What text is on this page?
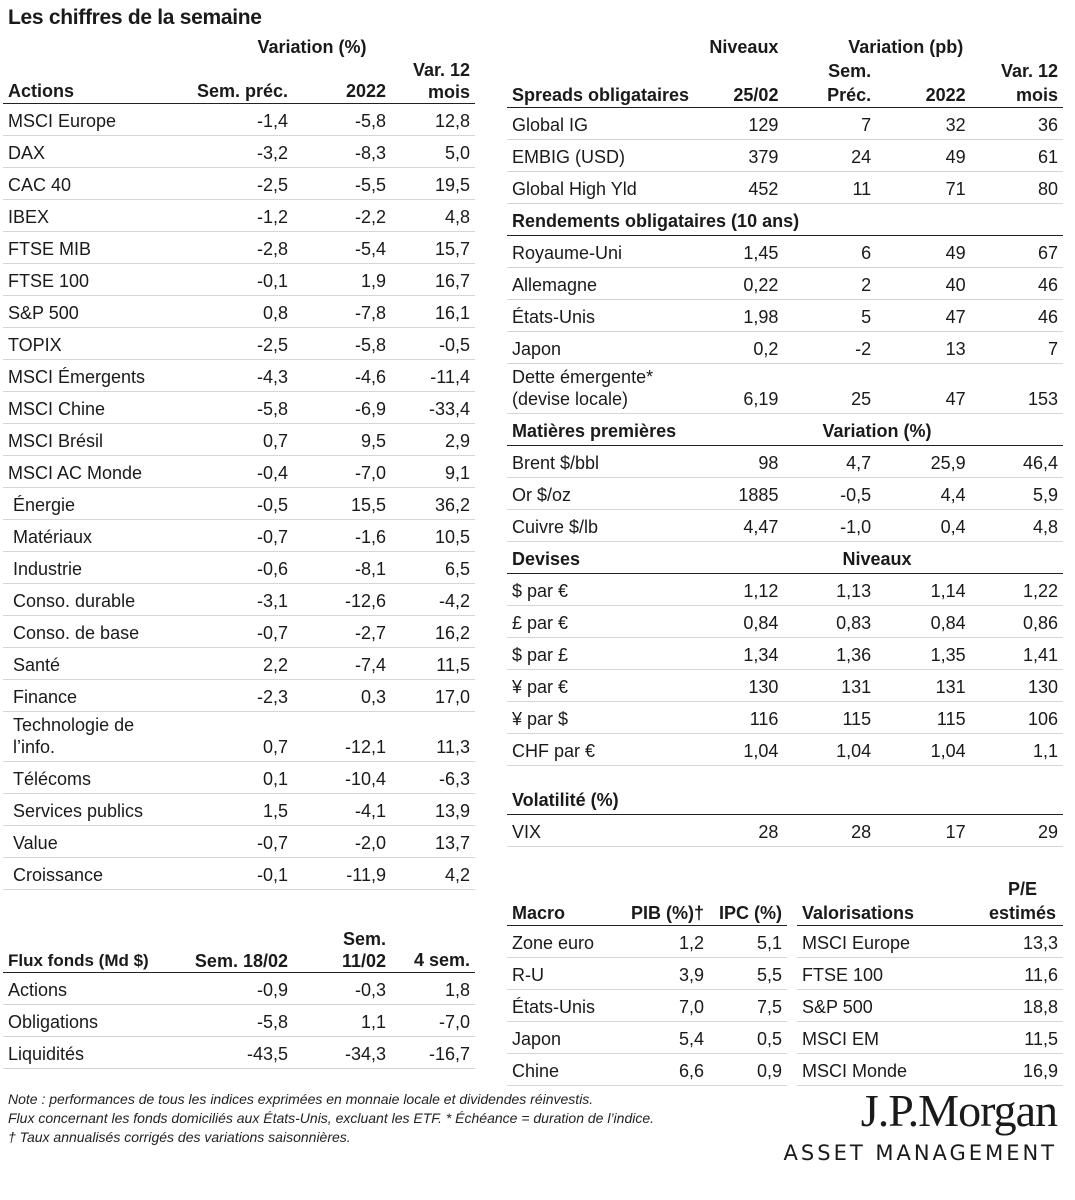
Les chiffres de la semaine
	Variation (%)		
Actions	Sem. préc.	2022	Var. 12 mois
MSCI Europe	-1,4	-5,8	12,8
DAX	-3,2	-8,3	5,0
CAC 40	-2,5	-5,5	19,5
IBEX	-1,2	-2,2	4,8
FTSE MIB	-2,8	-5,4	15,7
FTSE 100	-0,1	1,9	16,7
S&P 500	0,8	-7,8	16,1
TOPIX	-2,5	-5,8	-0,5
MSCI Émergents	-4,3	-4,6	-11,4
MSCI Chine	-5,8	-6,9	-33,4
MSCI Brésil	0,7	9,5	2,9
MSCI AC Monde	-0,4	-7,0	9,1
Énergie	-0,5	15,5	36,2
Matériaux	-0,7	-1,6	10,5
Industrie	-0,6	-8,1	6,5
Conso. durable	-3,1	-12,6	-4,2
Conso. de base	-0,7	-2,7	16,2
Santé	2,2	-7,4	11,5
Finance	-2,3	0,3	17,0
Technologie de l’info.	0,7	-12,1	11,3
Télécoms	0,1	-10,4	-6,3
Services publics	1,5	-4,1	13,9
Value	-0,7	-2,0	13,7
Croissance	-0,1	-11,9	4,2
Flux fonds (Md $)	Sem. 18/02	Sem. 11/02	4 sem.
Actions	-0,9	-0,3	1,8
Obligations	-5,8	1,1	-7,0
Liquidités	-43,5	-34,3	-16,7
	Niveaux	Variation (pb)		
Spreads obligataires	25/02	Sem. Préc.	2022	Var. 12 mois
Global IG	129	7	32	36
EMBIG (USD)	379	24	49	61
Global High Yld	452	11	71	80
Rendements obligataires (10 ans)				
Royaume-Uni	1,45	6	49	67
Allemagne	0,22	2	40	46
États-Unis	1,98	5	47	46
Japon	0,2	-2	13	7
Dette émergente* (devise locale)	6,19	25	47	153
Matières premières		Variation (%)		
Brent $/bbl	98	4,7	25,9	46,4
Or $/oz	1885	-0,5	4,4	5,9
Cuivre $/lb	4,47	-1,0	0,4	4,8
Devises		Niveaux		
$ par €	1,12	1,13	1,14	1,22
£ par €	0,84	0,83	0,84	0,86
$ par £	1,34	1,36	1,35	1,41
¥ par €	130	131	131	130
¥ par $	116	115	115	106
CHF par €	1,04	1,04	1,04	1,1

Volatilité (%)				
VIX	28	28	17	29
Macro	PIB (%)†	IPC (%)
Zone euro	1,2	5,1
R-U	3,9	5,5
États-Unis	7,0	7,5
Japon	5,4	0,5
Chine	6,6	0,9
Valorisations	P/E estimés
MSCI Europe	13,3
FTSE 100	11,6
S&P 500	18,8
MSCI EM	11,5
MSCI Monde	16,9
Note : performances de tous les indices exprimées en monnaie locale et dividendes réinvestis.
Flux concernant les fonds domiciliés aux États-Unis, excluant les ETF. * Échéance = duration de l’indice.
† Taux annualisés corrigés des variations saisonnières.
J.P.Morgan
ASSET MANAGEMENT
